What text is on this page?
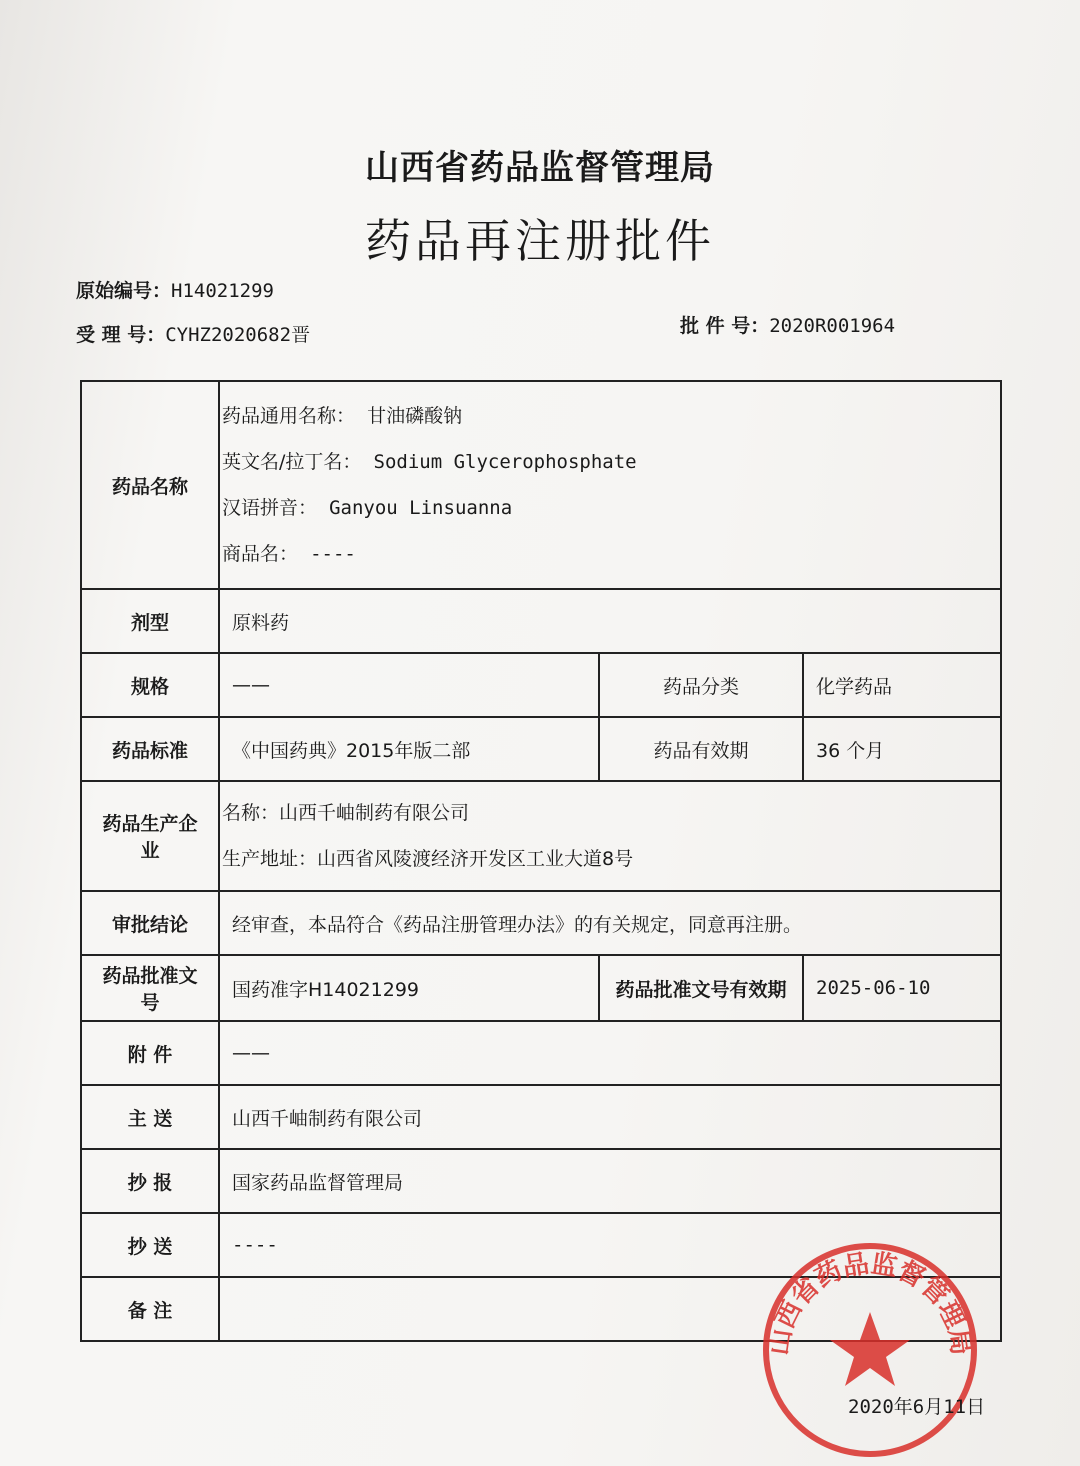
山西省药品监督管理局
药品再注册批件
原始编号：H14021299
受 理 号：CYHZ2020682晋	批 件 号：2020R001964
药品名称	药品通用名称： 甘油磷酸钠
英文名/拉丁名： Sodium Glycerophosphate
汉语拼音： Ganyou Linsuanna
商品名： ----		

剂型	原料药		
规格	——	药品分类	化学药品
药品标准	《中国药典》2015年版二部	药品有效期	36 个月
药品生产企业	名称：山西千岫制药有限公司
生产地址：山西省风陵渡经济开发区工业大道8号		

审批结论	经审查，本品符合《药品注册管理办法》的有关规定，同意再注册。		
药品批准文号	国药准字H14021299	药品批准文号有效期	2025-06-10
附 件	——		
主 送	山西千岫制药有限公司		
抄 报	国家药品监督管理局		
抄 送	----		
备 注			
山西省药品监督管理局
2020年6月11日
